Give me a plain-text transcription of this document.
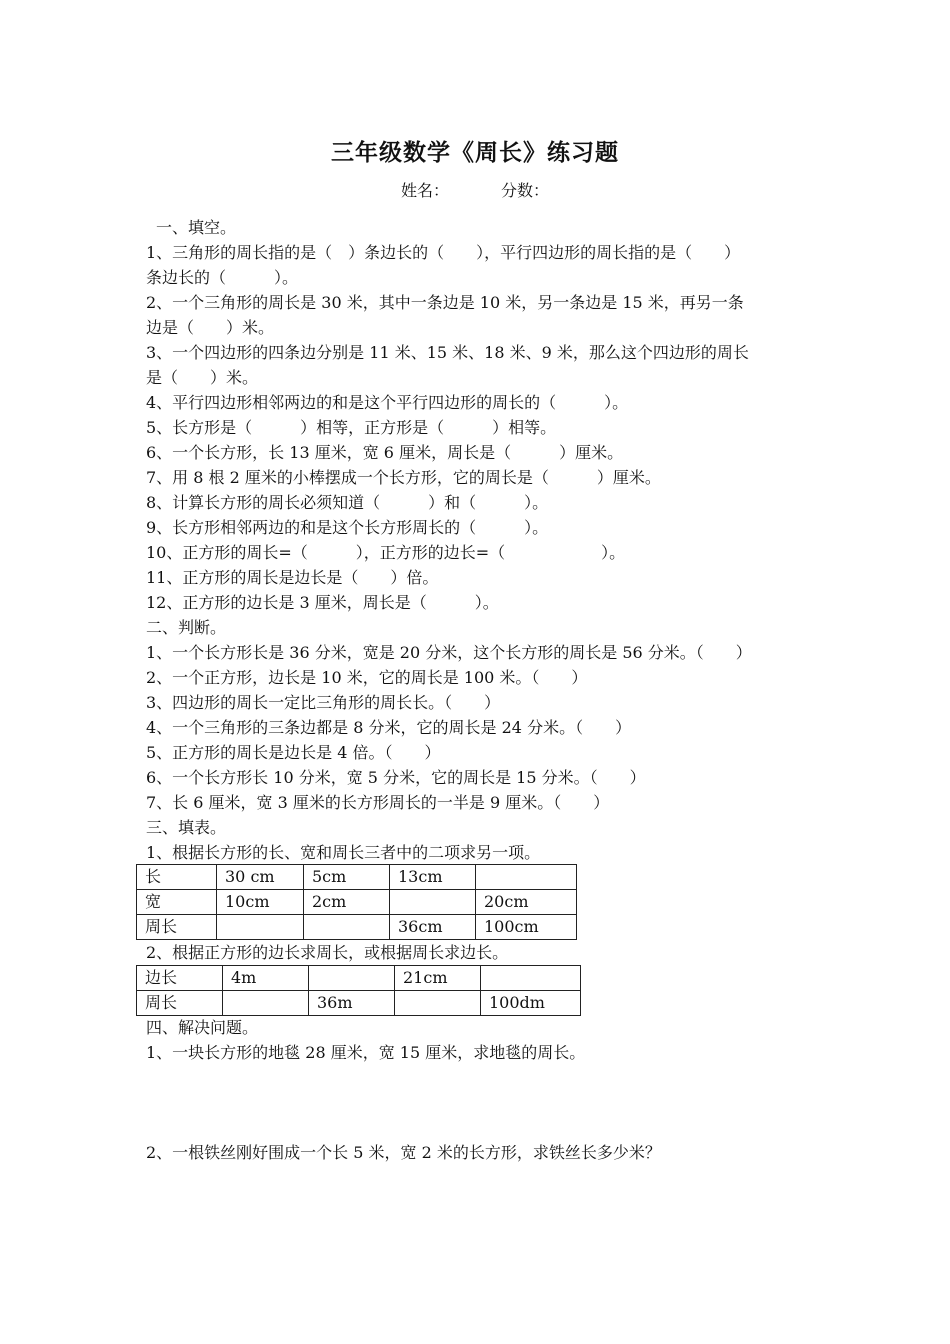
三年级数学《周长》练习题
姓名：	分数：
一、填空。
1、三角形的周长指的是（　）条边长的（　　），平行四边形的周长指的是（　　）
条边长的（　　　）。
2、一个三角形的周长是 30 米，其中一条边是 10 米，另一条边是 15 米，再另一条
边是（　　）米。
3、一个四边形的四条边分别是 11 米、15 米、18 米、9 米，那么这个四边形的周长
是（　　）米。
4、平行四边形相邻两边的和是这个平行四边形的周长的（　　　）。
5、长方形是（　　　）相等，正方形是（　　　）相等。
6、一个长方形，长 13 厘米，宽 6 厘米，周长是（　　　）厘米。
7、用 8 根 2 厘米的小棒摆成一个长方形，它的周长是（　　　）厘米。
8、计算长方形的周长必须知道（　　　）和（　　　）。
9、长方形相邻两边的和是这个长方形周长的（　　　）。
10、正方形的周长=（　　　），正方形的边长=（　　　　　　）。
11、正方形的周长是边长是（　　）倍。
12、正方形的边长是 3 厘米，周长是（　　　）。
二、判断。
1、一个长方形长是 36 分米，宽是 20 分米，这个长方形的周长是 56 分米。（　　）
2、一个正方形，边长是 10 米，它的周长是 100 米。（　　）
3、四边形的周长一定比三角形的周长长。（　　）
4、一个三角形的三条边都是 8 分米，它的周长是 24 分米。（　　）
5、正方形的周长是边长是 4 倍。（　　）
6、一个长方形长 10 分米，宽 5 分米，它的周长是 15 分米。（　　）
7、长 6 厘米，宽 3 厘米的长方形周长的一半是 9 厘米。（　　）
三、填表。
1、根据长方形的长、宽和周长三者中的二项求另一项。
长	30 cm	5cm	13cm	
宽	10cm	2cm		20cm
周长			36cm	100cm
2、根据正方形的边长求周长，或根据周长求边长。
边长	4m		21cm	
周长		36m		100dm
四、解决问题。
1、一块长方形的地毯 28 厘米，宽 15 厘米，求地毯的周长。
2、一根铁丝刚好围成一个长 5 米，宽 2 米的长方形，求铁丝长多少米？
